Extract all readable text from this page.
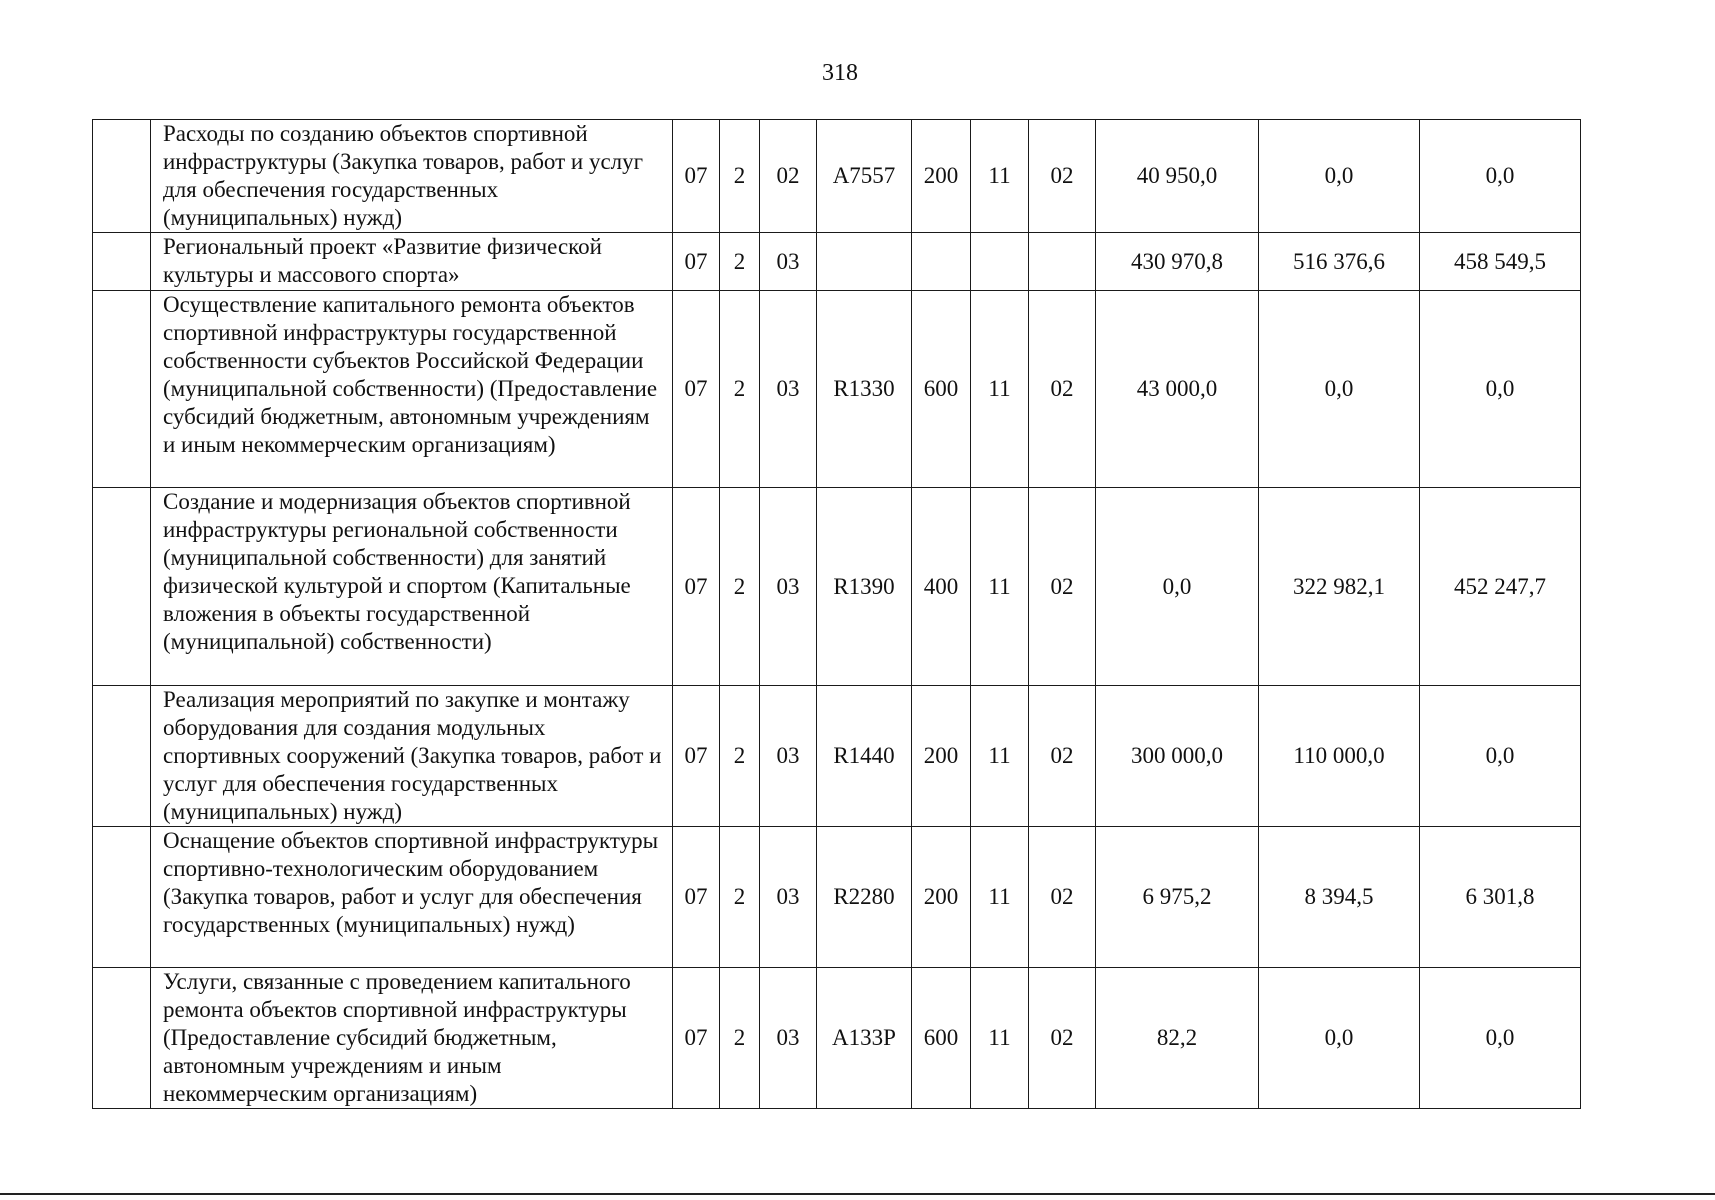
318
	Расходы по созданию объектов спортивной инфраструктуры (Закупка товаров, работ и услуг для обеспечения государственных (муниципальных) нужд)	07	2	02	A7557	200	11	02	40 950,0	0,0	0,0
	Региональный проект «Развитие физической культуры и массового спорта»	07	2	03					430 970,8	516 376,6	458 549,5
	Осуществление капитального ремонта объектов спортивной инфраструктуры государственной собственности субъектов Российской Федерации (муниципальной собственности) (Предоставление субсидий бюджетным, автономным учреждениям и иным некоммерческим организациям)	07	2	03	R1330	600	11	02	43 000,0	0,0	0,0
	Создание и модернизация объектов спортивной инфраструктуры региональной собственности (муниципальной собственности) для занятий физической культурой и спортом (Капитальные вложения в объекты государственной (муниципальной) собственности)	07	2	03	R1390	400	11	02	0,0	322 982,1	452 247,7
	Реализация мероприятий по закупке и монтажу оборудования для создания модульных спортивных сооружений (Закупка товаров, работ и услуг для обеспечения государственных (муниципальных) нужд)	07	2	03	R1440	200	11	02	300 000,0	110 000,0	0,0
	Оснащение объектов спортивной инфраструктуры спортивно-технологическим оборудованием (Закупка товаров, работ и услуг для обеспечения государственных (муниципальных) нужд)	07	2	03	R2280	200	11	02	6 975,2	8 394,5	6 301,8
	Услуги, связанные с проведением капитального ремонта объектов спортивной инфраструктуры (Предоставление субсидий бюджетным, автономным учреждениям и иным некоммерческим организациям)	07	2	03	A133P	600	11	02	82,2	0,0	0,0
